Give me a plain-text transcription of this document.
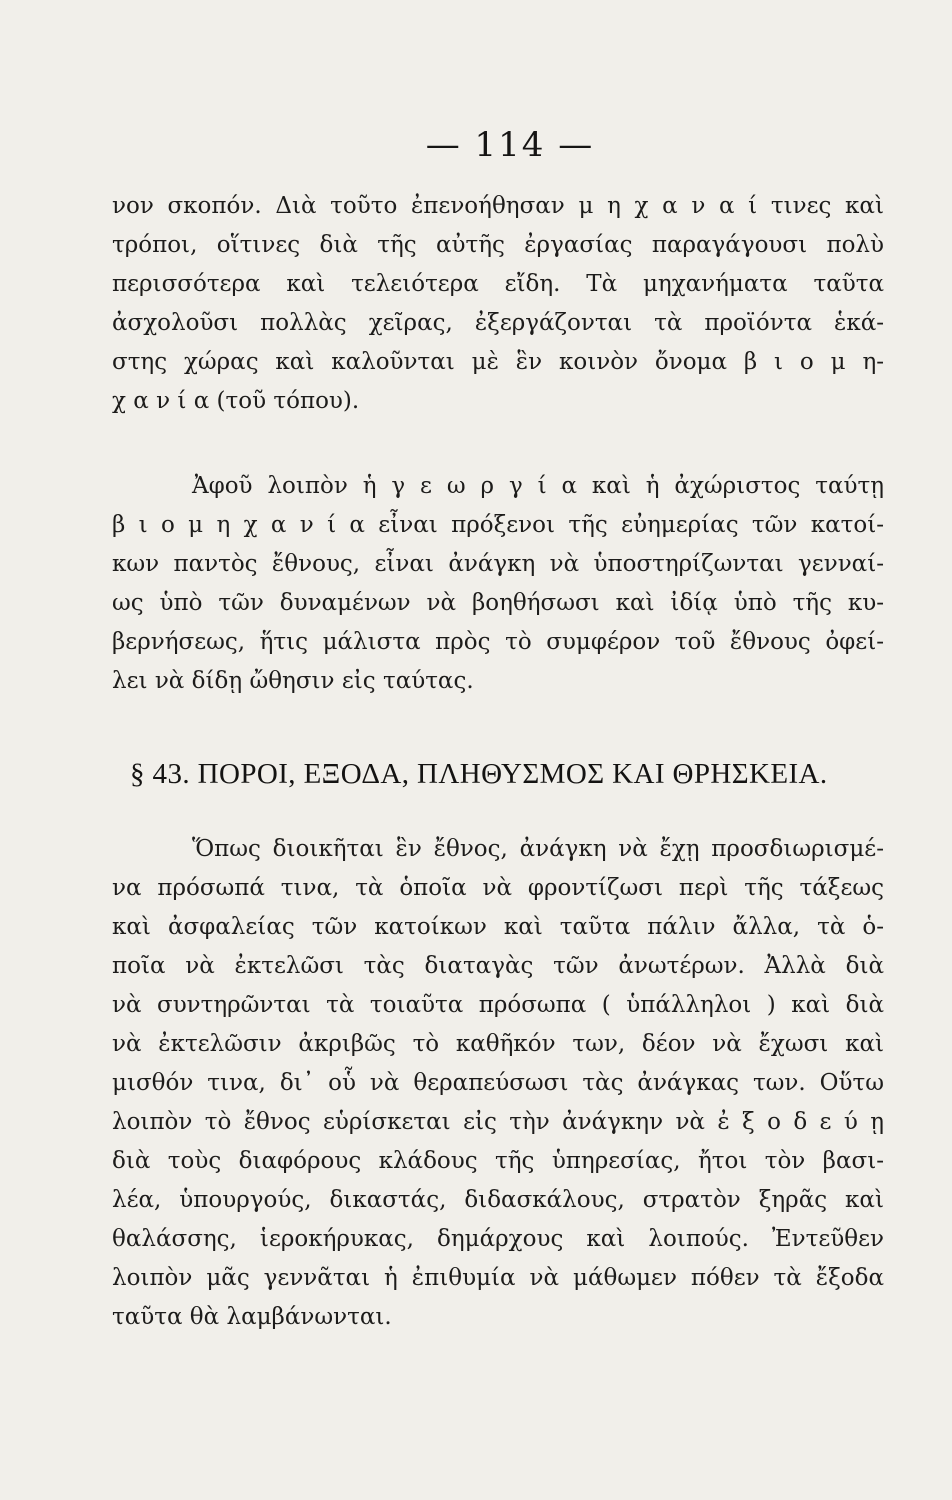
— 114 —
νον σκοπόν. Διὰ τοῦτο ἐπενοήθησαν μ η χ α ν α ί τινες καὶ
τρόποι, οἵτινες διὰ τῆς αὐτῆς ἐργασίας παραγάγουσι πολὺ
περισσότερα καὶ τελειότερα εἴδη. Τὰ μηχανήματα ταῦτα
ἀσχολοῦσι πολλὰς χεῖρας, ἐξεργάζονται τὰ προϊόντα ἑκά-
στης χώρας καὶ καλοῦνται μὲ ἓν κοινὸν ὄνομα β ι ο μ η-
χ α ν ί α (τοῦ τόπου).
Ἀφοῦ λοιπὸν ἡ γ ε ω ρ γ ί α καὶ ἡ ἀχώριστος ταύτῃ
β ι ο μ η χ α ν ί α εἶναι πρόξενοι τῆς εὐημερίας τῶν κατοί-
κων παντὸς ἔθνους, εἶναι ἀνάγκη νὰ ὑποστηρίζωνται γενναί-
ως ὑπὸ τῶν δυναμένων νὰ βοηθήσωσι καὶ ἰδίᾳ ὑπὸ τῆς κυ-
βερνήσεως, ἥτις μάλιστα πρὸς τὸ συμφέρον τοῦ ἔθνους ὀφεί-
λει νὰ δίδῃ ὤθησιν εἰς ταύτας.
§ 43. ΠΟΡΟΙ, ΕΞΟΔΑ, ΠΛΗΘΥΣΜΟΣ ΚΑΙ ΘΡΗΣΚΕΙΑ.
Ὅπως διοικῆται ἓν ἔθνος, ἀνάγκη νὰ ἔχῃ προσδιωρισμέ-
να πρόσωπά τινα, τὰ ὁποῖα νὰ φροντίζωσι περὶ τῆς τάξεως
καὶ ἀσφαλείας τῶν κατοίκων καὶ ταῦτα πάλιν ἄλλα, τὰ ὁ-
ποῖα νὰ ἐκτελῶσι τὰς διαταγὰς τῶν ἀνωτέρων. Ἀλλὰ διὰ
νὰ συντηρῶνται τὰ τοιαῦτα πρόσωπα ( ὑπάλληλοι ) καὶ διὰ
νὰ ἐκτελῶσιν ἀκριβῶς τὸ καθῆκόν των, δέον νὰ ἔχωσι καὶ
μισθόν τινα, δι᾽ οὗ νὰ θεραπεύσωσι τὰς ἀνάγκας των. Οὕτω
λοιπὸν τὸ ἔθνος εὑρίσκεται εἰς τὴν ἀνάγκην νὰ ἐ ξ ο δ ε ύ ῃ
διὰ τοὺς διαφόρους κλάδους τῆς ὑπηρεσίας, ἤτοι τὸν βασι-
λέα, ὑπουργούς, δικαστάς, διδασκάλους, στρατὸν ξηρᾶς καὶ
θαλάσσης, ἱεροκήρυκας, δημάρχους καὶ λοιπούς. Ἐντεῦθεν
λοιπὸν μᾶς γεννᾶται ἡ ἐπιθυμία νὰ μάθωμεν πόθεν τὰ ἔξοδα
ταῦτα θὰ λαμβάνωνται.
